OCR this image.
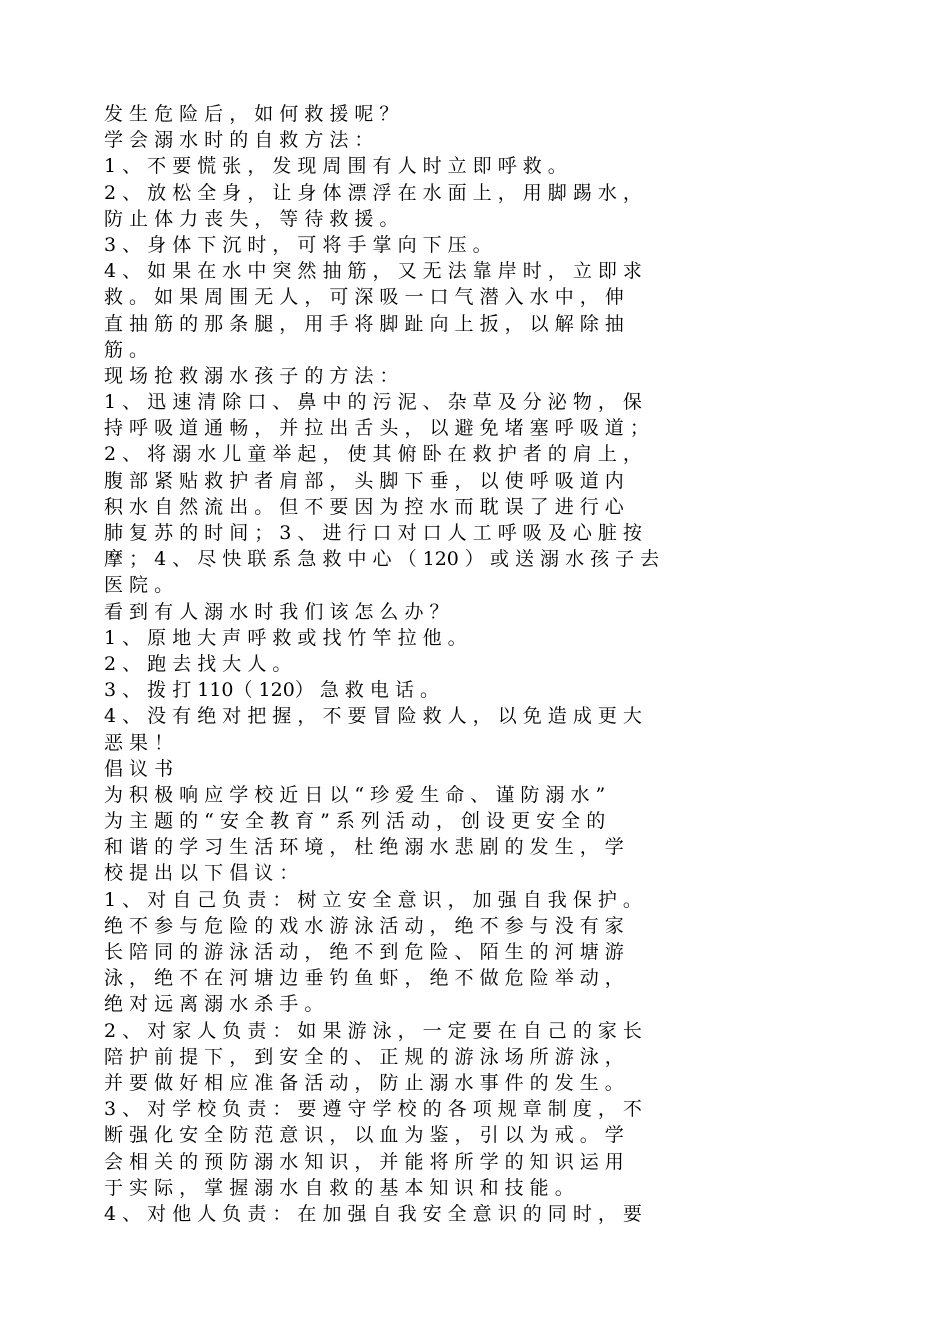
发 生 危 险 后 ， 如 何 救 援 呢 ？
学 会 溺 水 时 的 自 救 方 法 ：
1 、 不 要 慌 张 ， 发 现 周 围 有 人 时 立 即 呼 救 。
2 、 放 松 全 身 ， 让 身 体 漂 浮 在 水 面 上 ， 用 脚 踢 水 ，
防 止 体 力 丧 失 ， 等 待 救 援 。
3 、 身 体 下 沉 时 ， 可 将 手 掌 向 下 压 。
4 、 如 果 在 水 中 突 然 抽 筋 ， 又 无 法 靠 岸 时 ， 立 即 求
救 。 如 果 周 围 无 人 ， 可 深 吸 一 口 气 潜 入 水 中 ， 伸
直 抽 筋 的 那 条 腿 ， 用 手 将 脚 趾 向 上 扳 ， 以 解 除 抽
筋 。
现 场 抢 救 溺 水 孩 子 的 方 法 ：
1 、 迅 速 清 除 口 、 鼻 中 的 污 泥 、 杂 草 及 分 泌 物 ， 保
持 呼 吸 道 通 畅 ， 并 拉 出 舌 头 ， 以 避 免 堵 塞 呼 吸 道 ；
2 、 将 溺 水 儿 童 举 起 ， 使 其 俯 卧 在 救 护 者 的 肩 上 ，
腹 部 紧 贴 救 护 者 肩 部 ， 头 脚 下 垂 ， 以 使 呼 吸 道 内
积 水 自 然 流 出 。 但 不 要 因 为 控 水 而 耽 误 了 进 行 心
肺 复 苏 的 时 间 ； 3 、 进 行 口 对 口 人 工 呼 吸 及 心 脏 按
摩 ； 4 、 尽 快 联 系 急 救 中 心 （ 120 ） 或 送 溺 水 孩 子 去
医 院 。
看 到 有 人 溺 水 时 我 们 该 怎 么 办 ？
1 、 原 地 大 声 呼 救 或 找 竹 竿 拉 他 。
2 、 跑 去 找 大 人 。
3 、 拨 打 110（ 120） 急 救 电 话 。
4 、 没 有 绝 对 把 握 ， 不 要 冒 险 救 人 ， 以 免 造 成 更 大
恶 果 ！
倡 议 书
为 积 极 响 应 学 校 近 日 以 “ 珍 爱 生 命 、 谨 防 溺 水 ”
为 主 题 的 “ 安 全 教 育 ” 系 列 活 动 ， 创 设 更 安 全 的
和 谐 的 学 习 生 活 环 境 ， 杜 绝 溺 水 悲 剧 的 发 生 ， 学
校 提 出 以 下 倡 议 ：
1 、 对 自 己 负 责 ： 树 立 安 全 意 识 ， 加 强 自 我 保 护 。
绝 不 参 与 危 险 的 戏 水 游 泳 活 动 ， 绝 不 参 与 没 有 家
长 陪 同 的 游 泳 活 动 ， 绝 不 到 危 险 、 陌 生 的 河 塘 游
泳 ， 绝 不 在 河 塘 边 垂 钓 鱼 虾 ， 绝 不 做 危 险 举 动 ，
绝 对 远 离 溺 水 杀 手 。
2 、 对 家 人 负 责 ： 如 果 游 泳 ， 一 定 要 在 自 己 的 家 长
陪 护 前 提 下 ， 到 安 全 的 、 正 规 的 游 泳 场 所 游 泳 ，
并 要 做 好 相 应 准 备 活 动 ， 防 止 溺 水 事 件 的 发 生 。
3 、 对 学 校 负 责 ： 要 遵 守 学 校 的 各 项 规 章 制 度 ， 不
断 强 化 安 全 防 范 意 识 ， 以 血 为 鉴 ， 引 以 为 戒 。 学
会 相 关 的 预 防 溺 水 知 识 ， 并 能 将 所 学 的 知 识 运 用
于 实 际 ， 掌 握 溺 水 自 救 的 基 本 知 识 和 技 能 。
4 、 对 他 人 负 责 ： 在 加 强 自 我 安 全 意 识 的 同 时 ， 要
